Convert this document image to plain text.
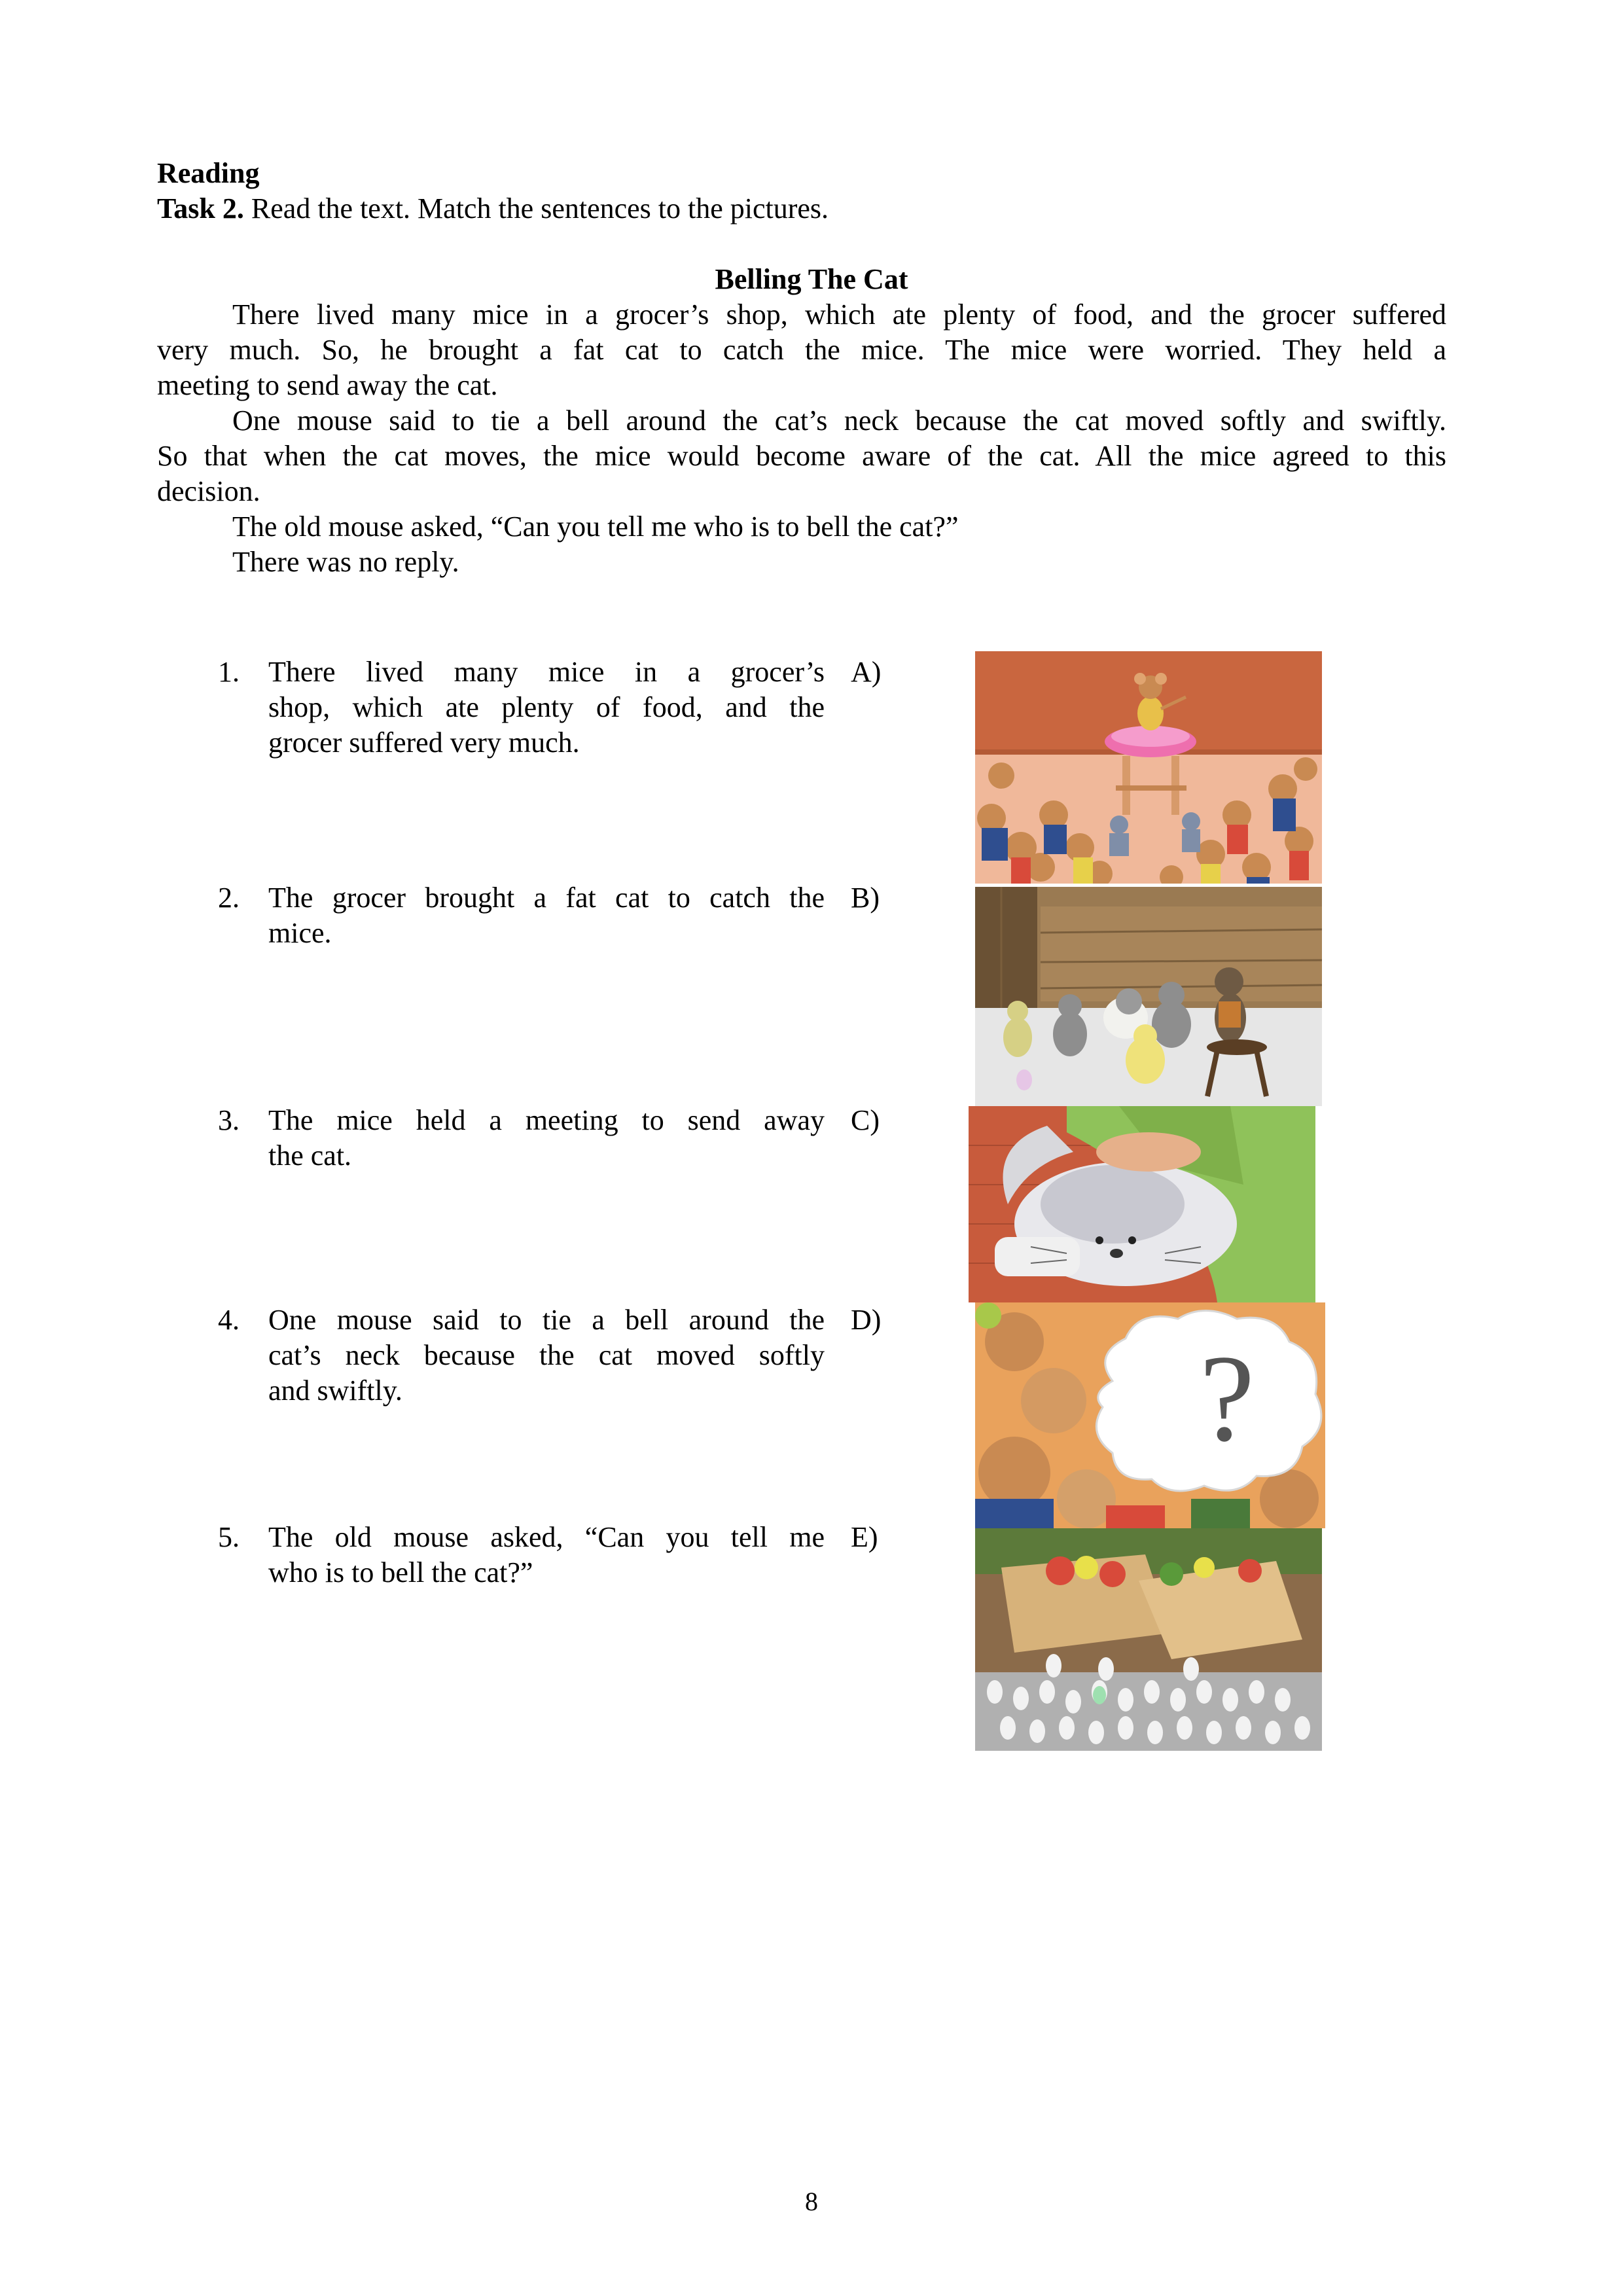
Reading
Task 2. Read the text. Match the sentences to the pictures.
Belling The Cat
There lived many mice in a grocer’s shop, which ate plenty of food, and the grocer suffered
very much. So, he brought a fat cat to catch the mice. The mice were worried. They held a
meeting to send away the cat.
One mouse said to tie a bell around the cat’s neck because the cat moved softly and swiftly.
So that when the cat moves, the mice would become aware of the cat. All the mice agreed to this
decision.
The old mouse asked, “Can you tell me who is to bell the cat?”
There was no reply.
1. There lived many mice in a grocer’s
shop, which ate plenty of food, and the
grocer suffered very much.
2. The grocer brought a fat cat to catch the
mice.
3. The mice held a meeting to send away
the cat.
4. One mouse said to tie a bell around the
cat’s neck because the cat moved softly
and swiftly.
5. The old mouse asked, “Can you tell me
who is to bell the cat?”
A)
B)
C)
D)
E)
?
8
